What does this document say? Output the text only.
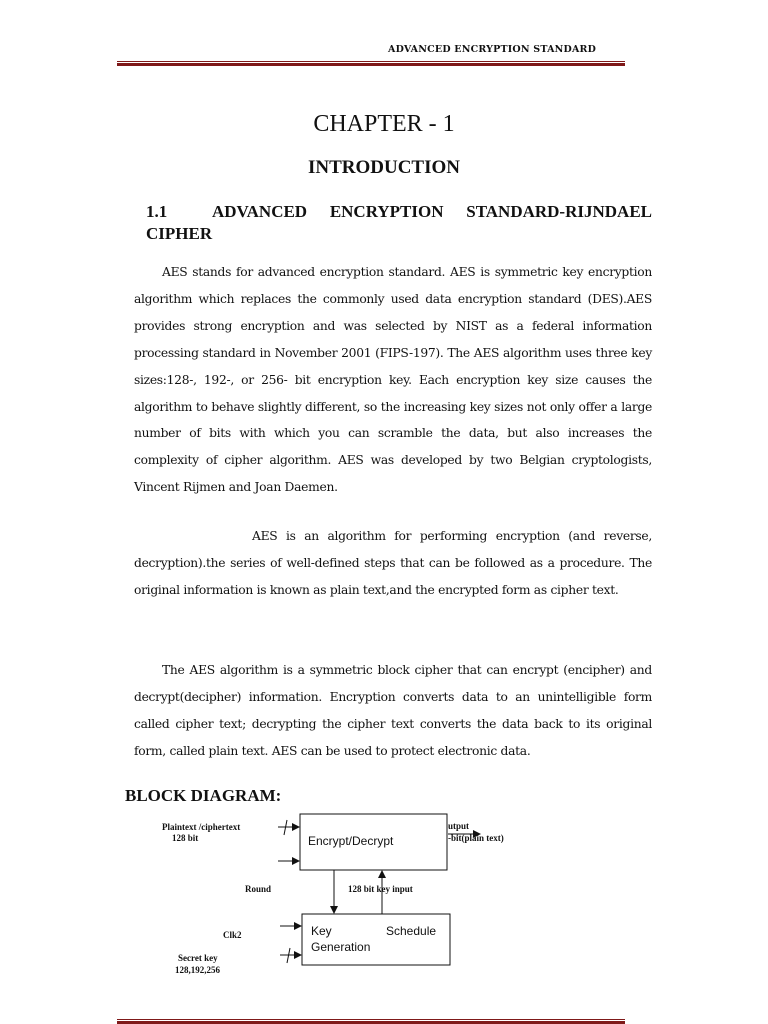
ADVANCED ENCRYPTION STANDARD
CHAPTER - 1
INTRODUCTION
1.1	ADVANCED ENCRYPTION STANDARD-RIJNDAEL CIPHER

AES stands for advanced encryption standard. AES is symmetric key encryption algorithm which replaces the commonly used data encryption standard (DES).AES provides strong encryption and was selected by NIST as a federal information processing standard in November 2001 (FIPS-197). The AES algorithm uses three key sizes:128-, 192-, or 256- bit encryption key. Each encryption key size causes the algorithm to behave slightly different, so the increasing key sizes not only offer a large number of bits with which you can scramble the data, but also increases the complexity of cipher algorithm. AES was developed by two Belgian cryptologists, Vincent Rijmen and Joan Daemen.

AES is an algorithm for performing encryption (and reverse, decryption).the series of well-defined steps that can be followed as a procedure. The original information is known as plain text,and the encrypted form as cipher text.

The AES algorithm is a symmetric block cipher that can encrypt (encipher) and decrypt(decipher) information. Encryption converts data to an unintelligible form called cipher text; decrypting the cipher text converts the data back to its original form, called plain text. AES can be used to protect electronic data.

BLOCK DIAGRAM:
Encrypt/Decrypt
Key	Schedule
Generation
Plaintext /ciphertext
128 bit
utput
-bit(plain text)
Round	128 bit key input
Clk2
Secret key
128,192,256
